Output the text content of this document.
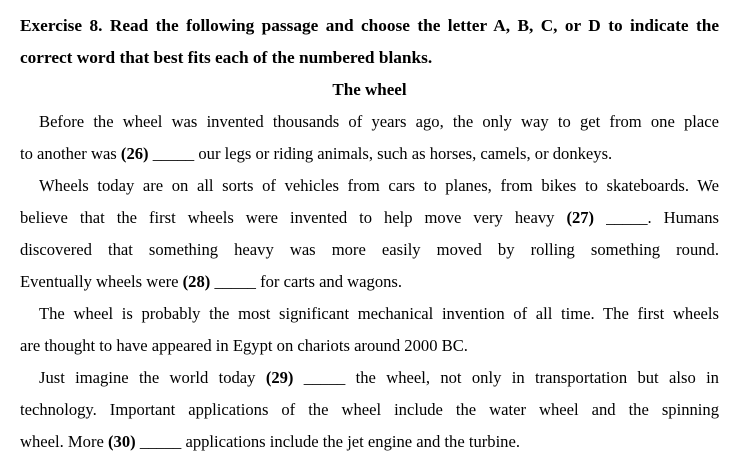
Exercise 8. Read the following passage and choose the letter A, B, C, or D to indicate the
correct word that best fits each of the numbered blanks.

The wheel

Before the wheel was invented thousands of years ago, the only way to get from one place
to another was (26) _____ our legs or riding animals, such as horses, camels, or donkeys.

Wheels today are on all sorts of vehicles from cars to planes, from bikes to skateboards. We
believe that the first wheels were invented to help move very heavy (27) _____. Humans
discovered that something heavy was more easily moved by rolling something round.
Eventually wheels were (28) _____ for carts and wagons.

The wheel is probably the most significant mechanical invention of all time. The first wheels
are thought to have appeared in Egypt on chariots around 2000 BC.

Just imagine the world today (29) _____ the wheel, not only in transportation but also in
technology. Important applications of the wheel include the water wheel and the spinning
wheel. More (30) _____ applications include the jet engine and the turbine.
